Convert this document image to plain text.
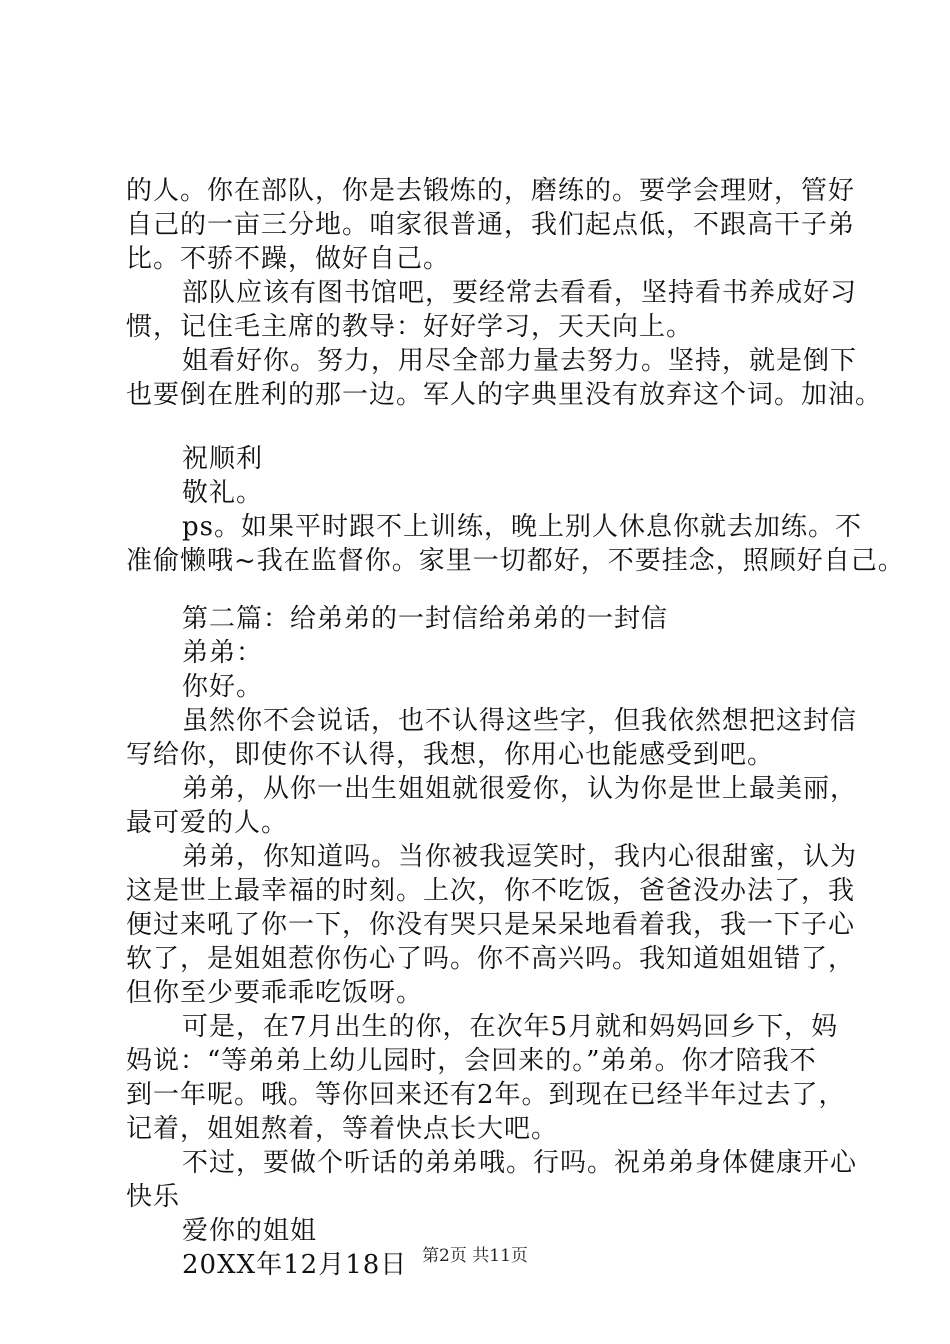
的人。你在部队，你是去锻炼的，磨练的。要学会理财，管好
自己的一亩三分地。咱家很普通，我们起点低，不跟高干子弟
比。不骄不躁，做好自己。
部队应该有图书馆吧，要经常去看看，坚持看书养成好习
惯，记住毛主席的教导：好好学习，天天向上。
姐看好你。努力，用尽全部力量去努力。坚持，就是倒下
也要倒在胜利的那一边。军人的字典里没有放弃这个词。加油。
祝顺利
敬礼。
ps。如果平时跟不上训练，晚上别人休息你就去加练。不
准偷懒哦~我在监督你。家里一切都好，不要挂念，照顾好自己。
第二篇：给弟弟的一封信给弟弟的一封信
弟弟：
你好。
虽然你不会说话，也不认得这些字，但我依然想把这封信
写给你，即使你不认得，我想，你用心也能感受到吧。
弟弟，从你一出生姐姐就很爱你，认为你是世上最美丽，
最可爱的人。
弟弟，你知道吗。当你被我逗笑时，我内心很甜蜜，认为
这是世上最幸福的时刻。上次，你不吃饭，爸爸没办法了，我
便过来吼了你一下，你没有哭只是呆呆地看着我，我一下子心
软了，是姐姐惹你伤心了吗。你不高兴吗。我知道姐姐错了，
但你至少要乖乖吃饭呀。
可是，在7月出生的你，在次年5月就和妈妈回乡下，妈
妈说：“等弟弟上幼儿园时，会回来的。”弟弟。你才陪我不
到一年呢。哦。等你回来还有2年。到现在已经半年过去了，
记着，姐姐熬着，等着快点长大吧。
不过，要做个听话的弟弟哦。行吗。祝弟弟身体健康开心
快乐
爱你的姐姐
20XX年12月18日 第2页 共11页
